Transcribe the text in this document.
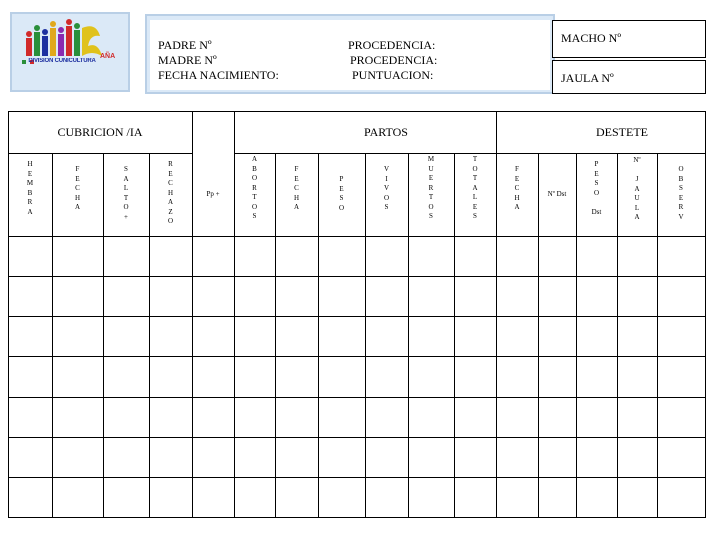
AÑA
DIVISIÓN CUNICULTURA
PADRE Nº
MADRE Nº
FECHA NACIMIENTO:
PROCEDENCIA:
PROCEDENCIA:
PUNTUACION:
MACHO Nº
JAULA Nº
CUBRICION /IA	PARTOS	DESTETE
H
E
M
B
R
A
F
E
C
H
A
S
A
L
T
O
+
R
E
C
H
A
Z
O
Pp +
A
B
O
R
T
O
S
F
E
C
H
A
P
E
S
O
V
I
V
O
S
M
U
E
R
T
O
S
T
O
T
A
L
E
S
F
E
C
H
A
Nº Dst
P
E
S
O
Dst
Nº
J
A
U
L
A
O
B
S
E
R
V
